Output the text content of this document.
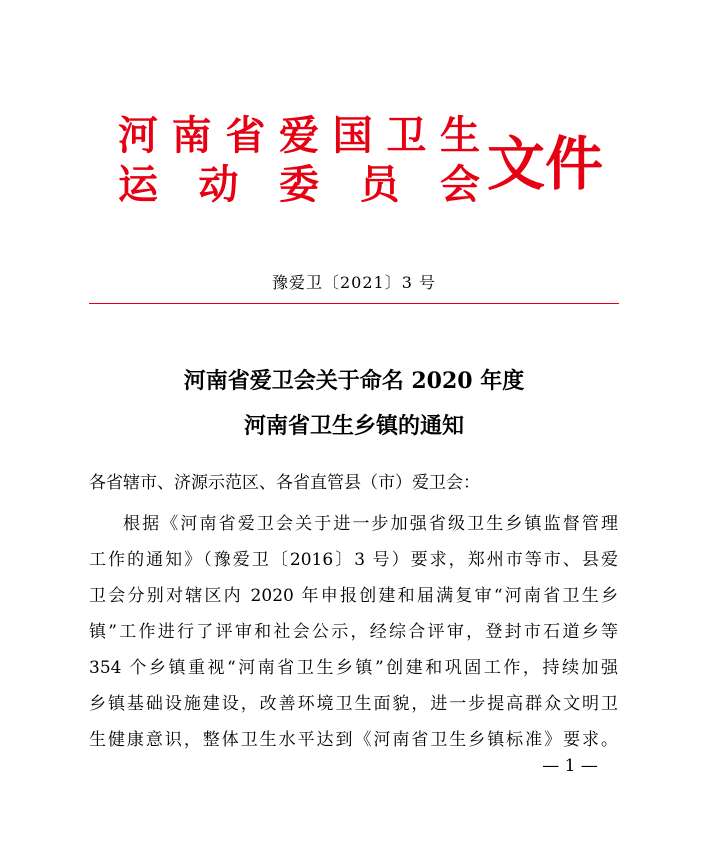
河南省爱国卫生
运动委员会 文件
豫爱卫〔2021〕3 号
河南省爱卫会关于命名 2020 年度
河南省卫生乡镇的通知
各省辖市、济源示范区、各省直管县（市）爱卫会：
根据《河南省爱卫会关于进一步加强省级卫生乡镇监督管理
工作的通知》（豫爱卫〔2016〕3 号）要求，郑州市等市、县爱
卫会分别对辖区内 2020 年申报创建和届满复审“河南省卫生乡
镇”工作进行了评审和社会公示，经综合评审，登封市石道乡等
354 个乡镇重视“河南省卫生乡镇”创建和巩固工作，持续加强
乡镇基础设施建设，改善环境卫生面貌，进一步提高群众文明卫
生健康意识，整体卫生水平达到《河南省卫生乡镇标准》要求。
— 1 —
